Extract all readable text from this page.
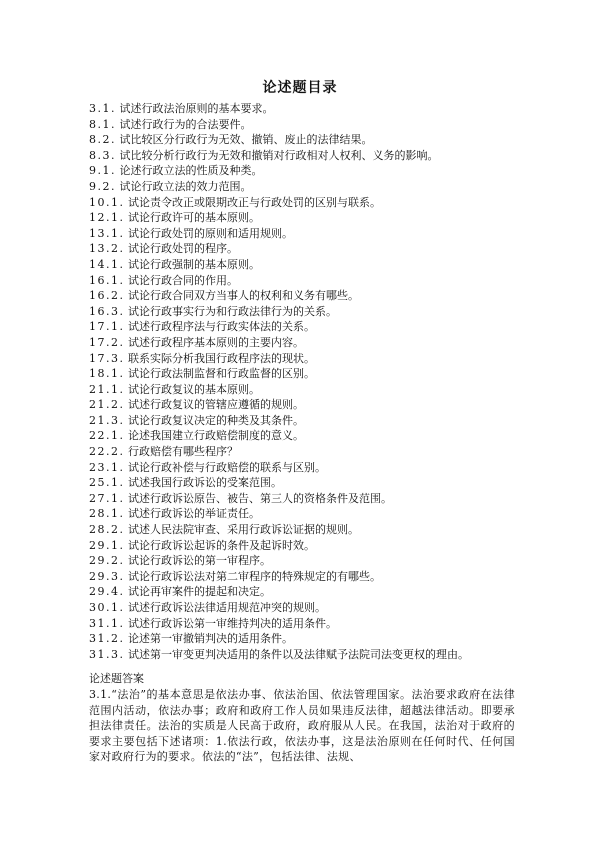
论述题目录
3.1. 试述行政法治原则的基本要求。
8.1. 试述行政行为的合法要件。
8.2. 试比较区分行政行为无效、撤销、废止的法律结果。
8.3. 试比较分析行政行为无效和撤销对行政相对人权利、义务的影响。
9.1. 论述行政立法的性质及种类。
9.2. 试论行政立法的效力范围。
10.1. 试论责令改正或限期改正与行政处罚的区别与联系。
12.1. 试论行政许可的基本原则。
13.1. 试论行政处罚的原则和适用规则。
13.2. 试论行政处罚的程序。
14.1. 试论行政强制的基本原则。
16.1. 试论行政合同的作用。
16.2. 试论行政合同双方当事人的权利和义务有哪些。
16.3. 试论行政事实行为和行政法律行为的关系。
17.1. 试述行政程序法与行政实体法的关系。
17.2. 试述行政程序基本原则的主要内容。
17.3. 联系实际分析我国行政程序法的现状。
18.1. 试论行政法制监督和行政监督的区别。
21.1. 试论行政复议的基本原则。
21.2. 试述行政复议的管辖应遵循的规则。
21.3. 试论行政复议决定的种类及其条件。
22.1. 论述我国建立行政赔偿制度的意义。
22.2. 行政赔偿有哪些程序？
23.1. 试论行政补偿与行政赔偿的联系与区别。
25.1. 试述我国行政诉讼的受案范围。
27.1. 试述行政诉讼原告、被告、第三人的资格条件及范围。
28.1. 试述行政诉讼的举证责任。
28.2. 试述人民法院审查、采用行政诉讼证据的规则。
29.1. 试论行政诉讼起诉的条件及起诉时效。
29.2. 试论行政诉讼的第一审程序。
29.3. 试论行政诉讼法对第二审程序的特殊规定的有哪些。
29.4. 试论再审案件的提起和决定。
30.1. 试述行政诉讼法律适用规范冲突的规则。
31.1. 试述行政诉讼第一审维持判决的适用条件。
31.2. 论述第一审撤销判决的适用条件。
31.3. 试述第一审变更判决适用的条件以及法律赋予法院司法变更权的理由。
论述题答案

3.1.“法治”的基本意思是依法办事、依法治国、依法管理国家。法治要求政府在法律范围内活动，依法办事；政府和政府工作人员如果违反法律，超越法律活动。即要承担法律责任。法治的实质是人民高于政府，政府服从人民。在我国，法治对于政府的要求主要包括下述诸项：1.依法行政，依法办事，这是法治原则在任何时代、任何国家对政府行为的要求。依法的“法”，包括法律、法规、
